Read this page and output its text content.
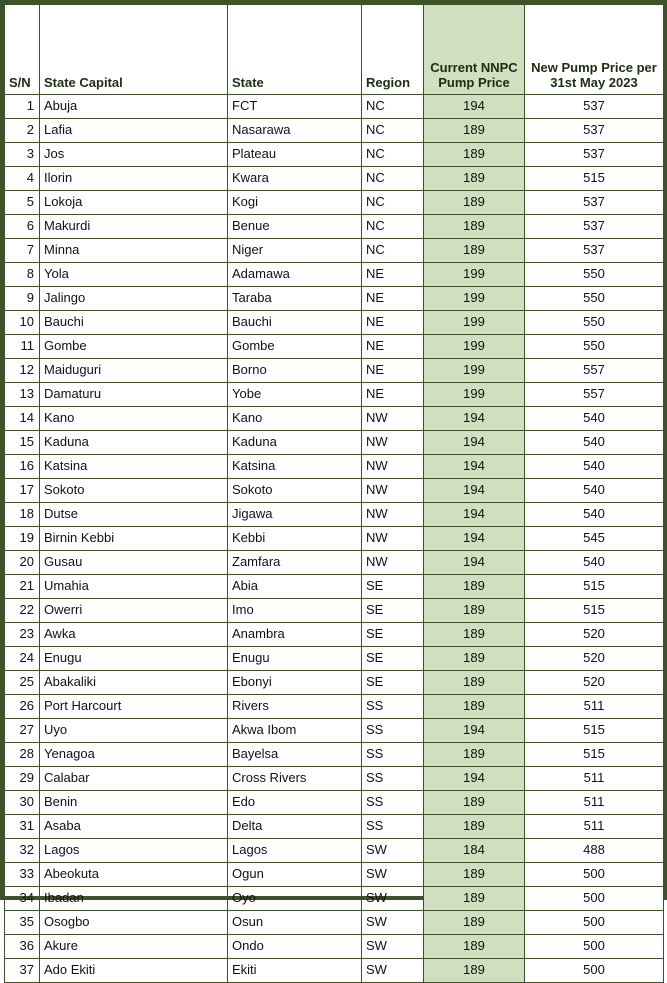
S/N	State Capital	State	Region	Current NNPC Pump Price	New Pump Price per 31st May 2023
1	Abuja	FCT	NC	194	537
2	Lafia	Nasarawa	NC	189	537
3	Jos	Plateau	NC	189	537
4	Ilorin	Kwara	NC	189	515
5	Lokoja	Kogi	NC	189	537
6	Makurdi	Benue	NC	189	537
7	Minna	Niger	NC	189	537
8	Yola	Adamawa	NE	199	550
9	Jalingo	Taraba	NE	199	550
10	Bauchi	Bauchi	NE	199	550
11	Gombe	Gombe	NE	199	550
12	Maiduguri	Borno	NE	199	557
13	Damaturu	Yobe	NE	199	557
14	Kano	Kano	NW	194	540
15	Kaduna	Kaduna	NW	194	540
16	Katsina	Katsina	NW	194	540
17	Sokoto	Sokoto	NW	194	540
18	Dutse	Jigawa	NW	194	540
19	Birnin Kebbi	Kebbi	NW	194	545
20	Gusau	Zamfara	NW	194	540
21	Umahia	Abia	SE	189	515
22	Owerri	Imo	SE	189	515
23	Awka	Anambra	SE	189	520
24	Enugu	Enugu	SE	189	520
25	Abakaliki	Ebonyi	SE	189	520
26	Port Harcourt	Rivers	SS	189	511
27	Uyo	Akwa Ibom	SS	194	515
28	Yenagoa	Bayelsa	SS	189	515
29	Calabar	Cross Rivers	SS	194	511
30	Benin	Edo	SS	189	511
31	Asaba	Delta	SS	189	511
32	Lagos	Lagos	SW	184	488
33	Abeokuta	Ogun	SW	189	500
34	Ibadan	Oyo	SW	189	500
35	Osogbo	Osun	SW	189	500
36	Akure	Ondo	SW	189	500
37	Ado Ekiti	Ekiti	SW	189	500
